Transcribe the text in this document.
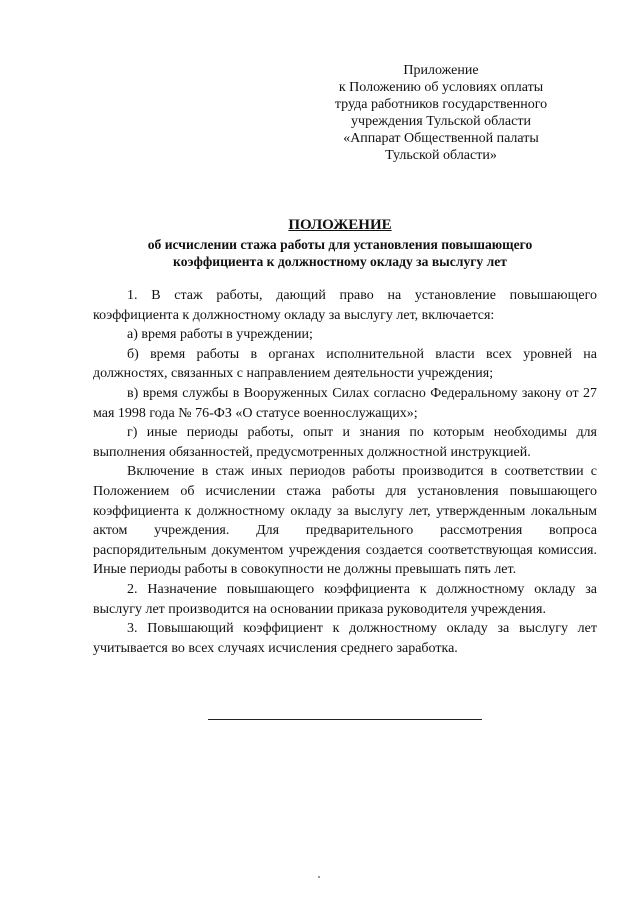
Приложение
к Положению об условиях оплаты
труда работников государственного
учреждения Тульской области
«Аппарат Общественной палаты
Тульской области»
ПОЛОЖЕНИЕ
об исчислении стажа работы для установления повышающего
коэффициента к должностному окладу за выслугу лет

1. В стаж работы, дающий право на установление повышающего коэффициента к должностному окладу за выслугу лет, включается:

а) время работы в учреждении;

б) время работы в органах исполнительной власти всех уровней на должностях, связанных с направлением деятельности учреждения;

в) время службы в Вооруженных Силах согласно Федеральному закону от 27 мая 1998 года № 76-ФЗ «О статусе военнослужащих»;

г) иные периоды работы, опыт и знания по которым необходимы для выполнения обязанностей, предусмотренных должностной инструкцией.

Включение в стаж иных периодов работы производится в соответствии с Положением об исчислении стажа работы для установления повышающего коэффициента к должностному окладу за выслугу лет, утвержденным локальным актом учреждения. Для предварительного рассмотрения вопроса распорядительным документом учреждения создается соответствующая комиссия. Иные периоды работы в совокупности не должны превышать пять лет.

2. Назначение повышающего коэффициента к должностному окладу за выслугу лет производится на основании приказа руководителя учреждения.

3. Повышающий коэффициент к должностному окладу за выслугу лет учитывается во всех случаях исчисления среднего заработка.
